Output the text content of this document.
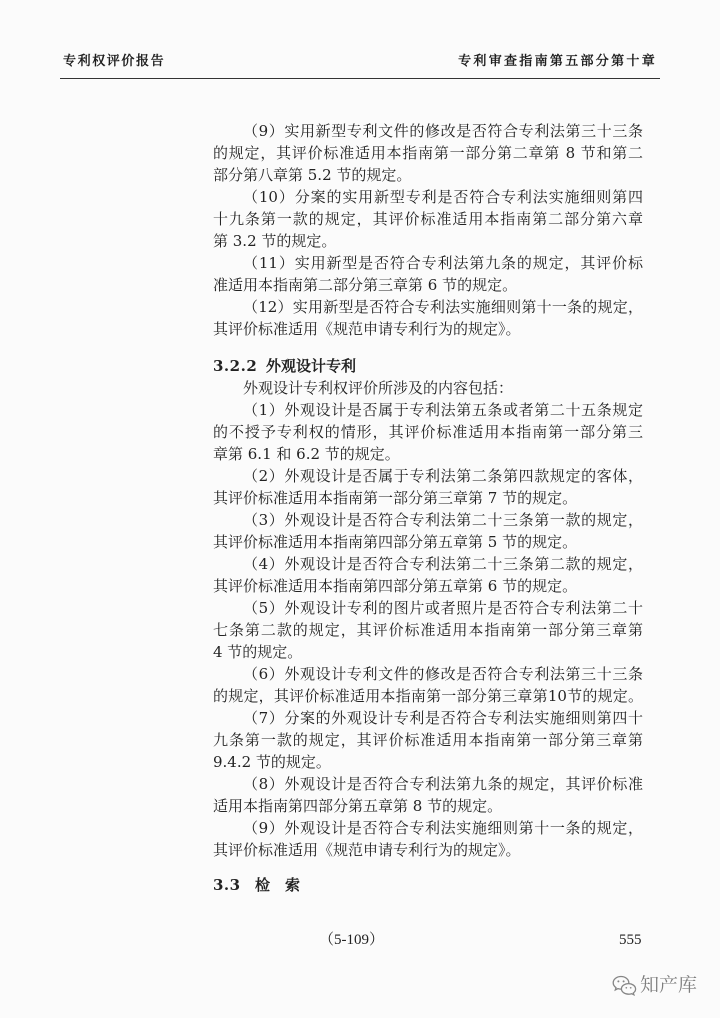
专利权评价报告	专利审查指南第五部分第十章
（9）实用新型专利文件的修改是否符合专利法第三十三条
的规定，其评价标准适用本指南第一部分第二章第 8 节和第二
部分第八章第 5.2 节的规定。
（10）分案的实用新型专利是否符合专利法实施细则第四
十九条第一款的规定，其评价标准适用本指南第二部分第六章
第 3.2 节的规定。
（11）实用新型是否符合专利法第九条的规定，其评价标
准适用本指南第二部分第三章第 6 节的规定。
（12）实用新型是否符合专利法实施细则第十一条的规定，
其评价标准适用《规范申请专利行为的规定》。
3.2.2 外观设计专利
外观设计专利权评价所涉及的内容包括：
（1）外观设计是否属于专利法第五条或者第二十五条规定
的不授予专利权的情形，其评价标准适用本指南第一部分第三
章第 6.1 和 6.2 节的规定。
（2）外观设计是否属于专利法第二条第四款规定的客体，
其评价标准适用本指南第一部分第三章第 7 节的规定。
（3）外观设计是否符合专利法第二十三条第一款的规定，
其评价标准适用本指南第四部分第五章第 5 节的规定。
（4）外观设计是否符合专利法第二十三条第二款的规定，
其评价标准适用本指南第四部分第五章第 6 节的规定。
（5）外观设计专利的图片或者照片是否符合专利法第二十
七条第二款的规定，其评价标准适用本指南第一部分第三章第
4 节的规定。
（6）外观设计专利文件的修改是否符合专利法第三十三条
的规定，其评价标准适用本指南第一部分第三章第10节的规定。
（7）分案的外观设计专利是否符合专利法实施细则第四十
九条第一款的规定，其评价标准适用本指南第一部分第三章第
9.4.2 节的规定。
（8）外观设计是否符合专利法第九条的规定，其评价标准
适用本指南第四部分第五章第 8 节的规定。
（9）外观设计是否符合专利法实施细则第十一条的规定，
其评价标准适用《规范申请专利行为的规定》。
3.3 检　索
（5-109）	555
知产库
